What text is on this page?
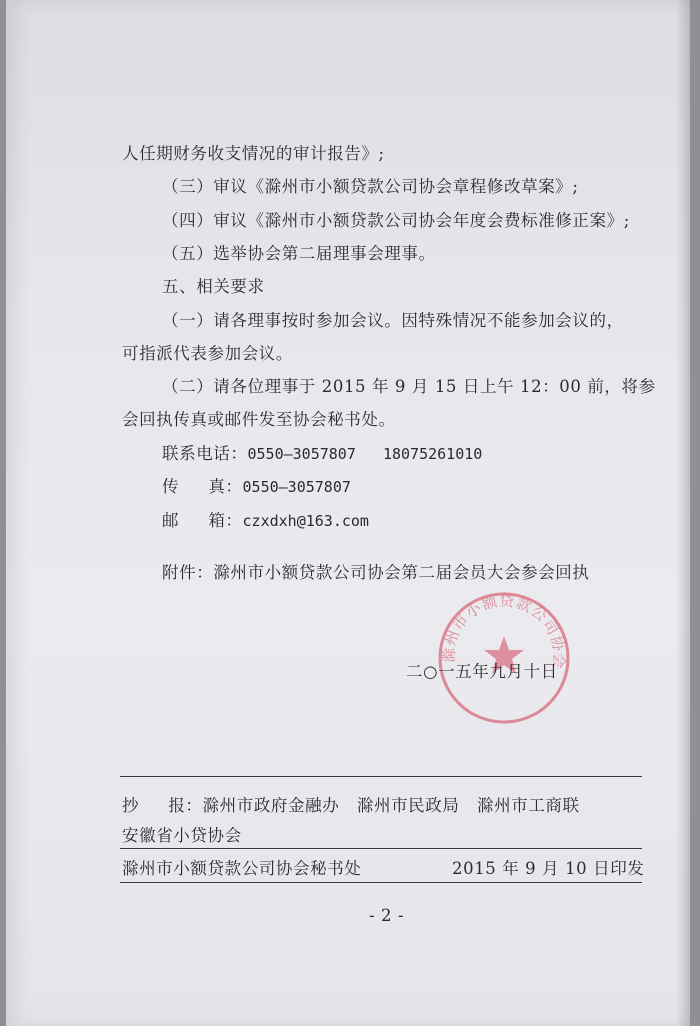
人任期财务收支情况的审计报告》;
（三）审议《滁州市小额贷款公司协会章程修改草案》;
（四）审议《滁州市小额贷款公司协会年度会费标准修正案》;
（五）选举协会第二届理事会理事。
五、相关要求
（一）请各理事按时参加会议。因特殊情况不能参加会议的，
可指派代表参加会议。
（二）请各位理事于 2015 年 9 月 15 日上午 12：00 前，将参
会回执传真或邮件发至协会秘书处。
联系电话：0550—3057807   18075261010
传     真：0550—3057807
邮     箱：czxdxh@163.com
附件：滁州市小额贷款公司协会第二届会员大会参会回执
滁州市小额贷款公司协会
二○一五年九月十日
抄     报：滁州市政府金融办   滁州市民政局   滁州市工商联
安徽省小贷协会
滁州市小额贷款公司协会秘书处	2015 年 9 月 10 日印发
- 2 -
